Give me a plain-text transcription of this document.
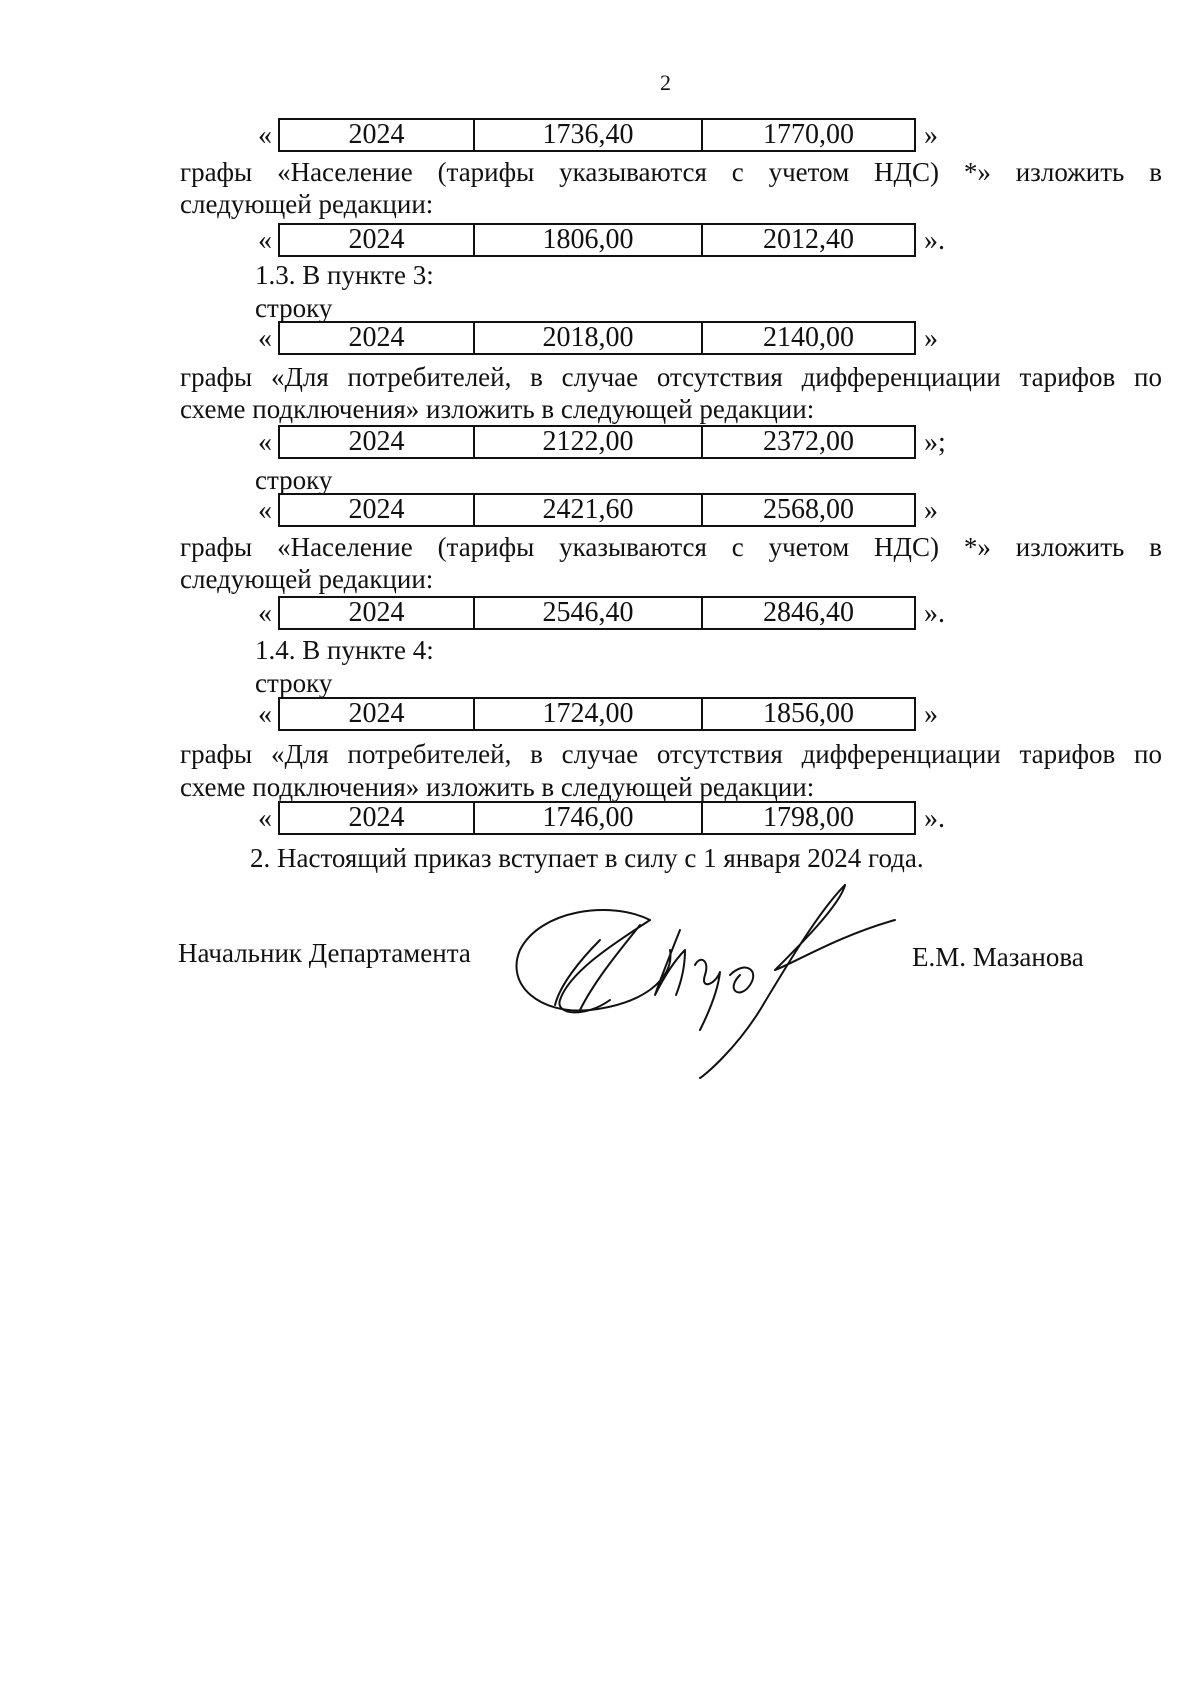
2
«	2024	1736,40	1770,00	»
графы «Население (тарифы указываются с учетом НДС) *» изложить в
следующей редакции:
«	2024	1806,00	2012,40	».
1.3. В пункте 3:
строку
«	2024	2018,00	2140,00	»
графы «Для потребителей, в случае отсутствия дифференциации тарифов по
схеме подключения» изложить в следующей редакции:
«	2024	2122,00	2372,00	»;
строку
«	2024	2421,60	2568,00	»
графы «Население (тарифы указываются с учетом НДС) *» изложить в
следующей редакции:
«	2024	2546,40	2846,40	».
1.4. В пункте 4:
строку
«	2024	1724,00	1856,00	»
графы «Для потребителей, в случае отсутствия дифференциации тарифов по
схеме подключения» изложить в следующей редакции:
«	2024	1746,00	1798,00	».
2. Настоящий приказ вступает в силу с 1 января 2024 года.
Начальник Департамента	Е.М. Мазанова
